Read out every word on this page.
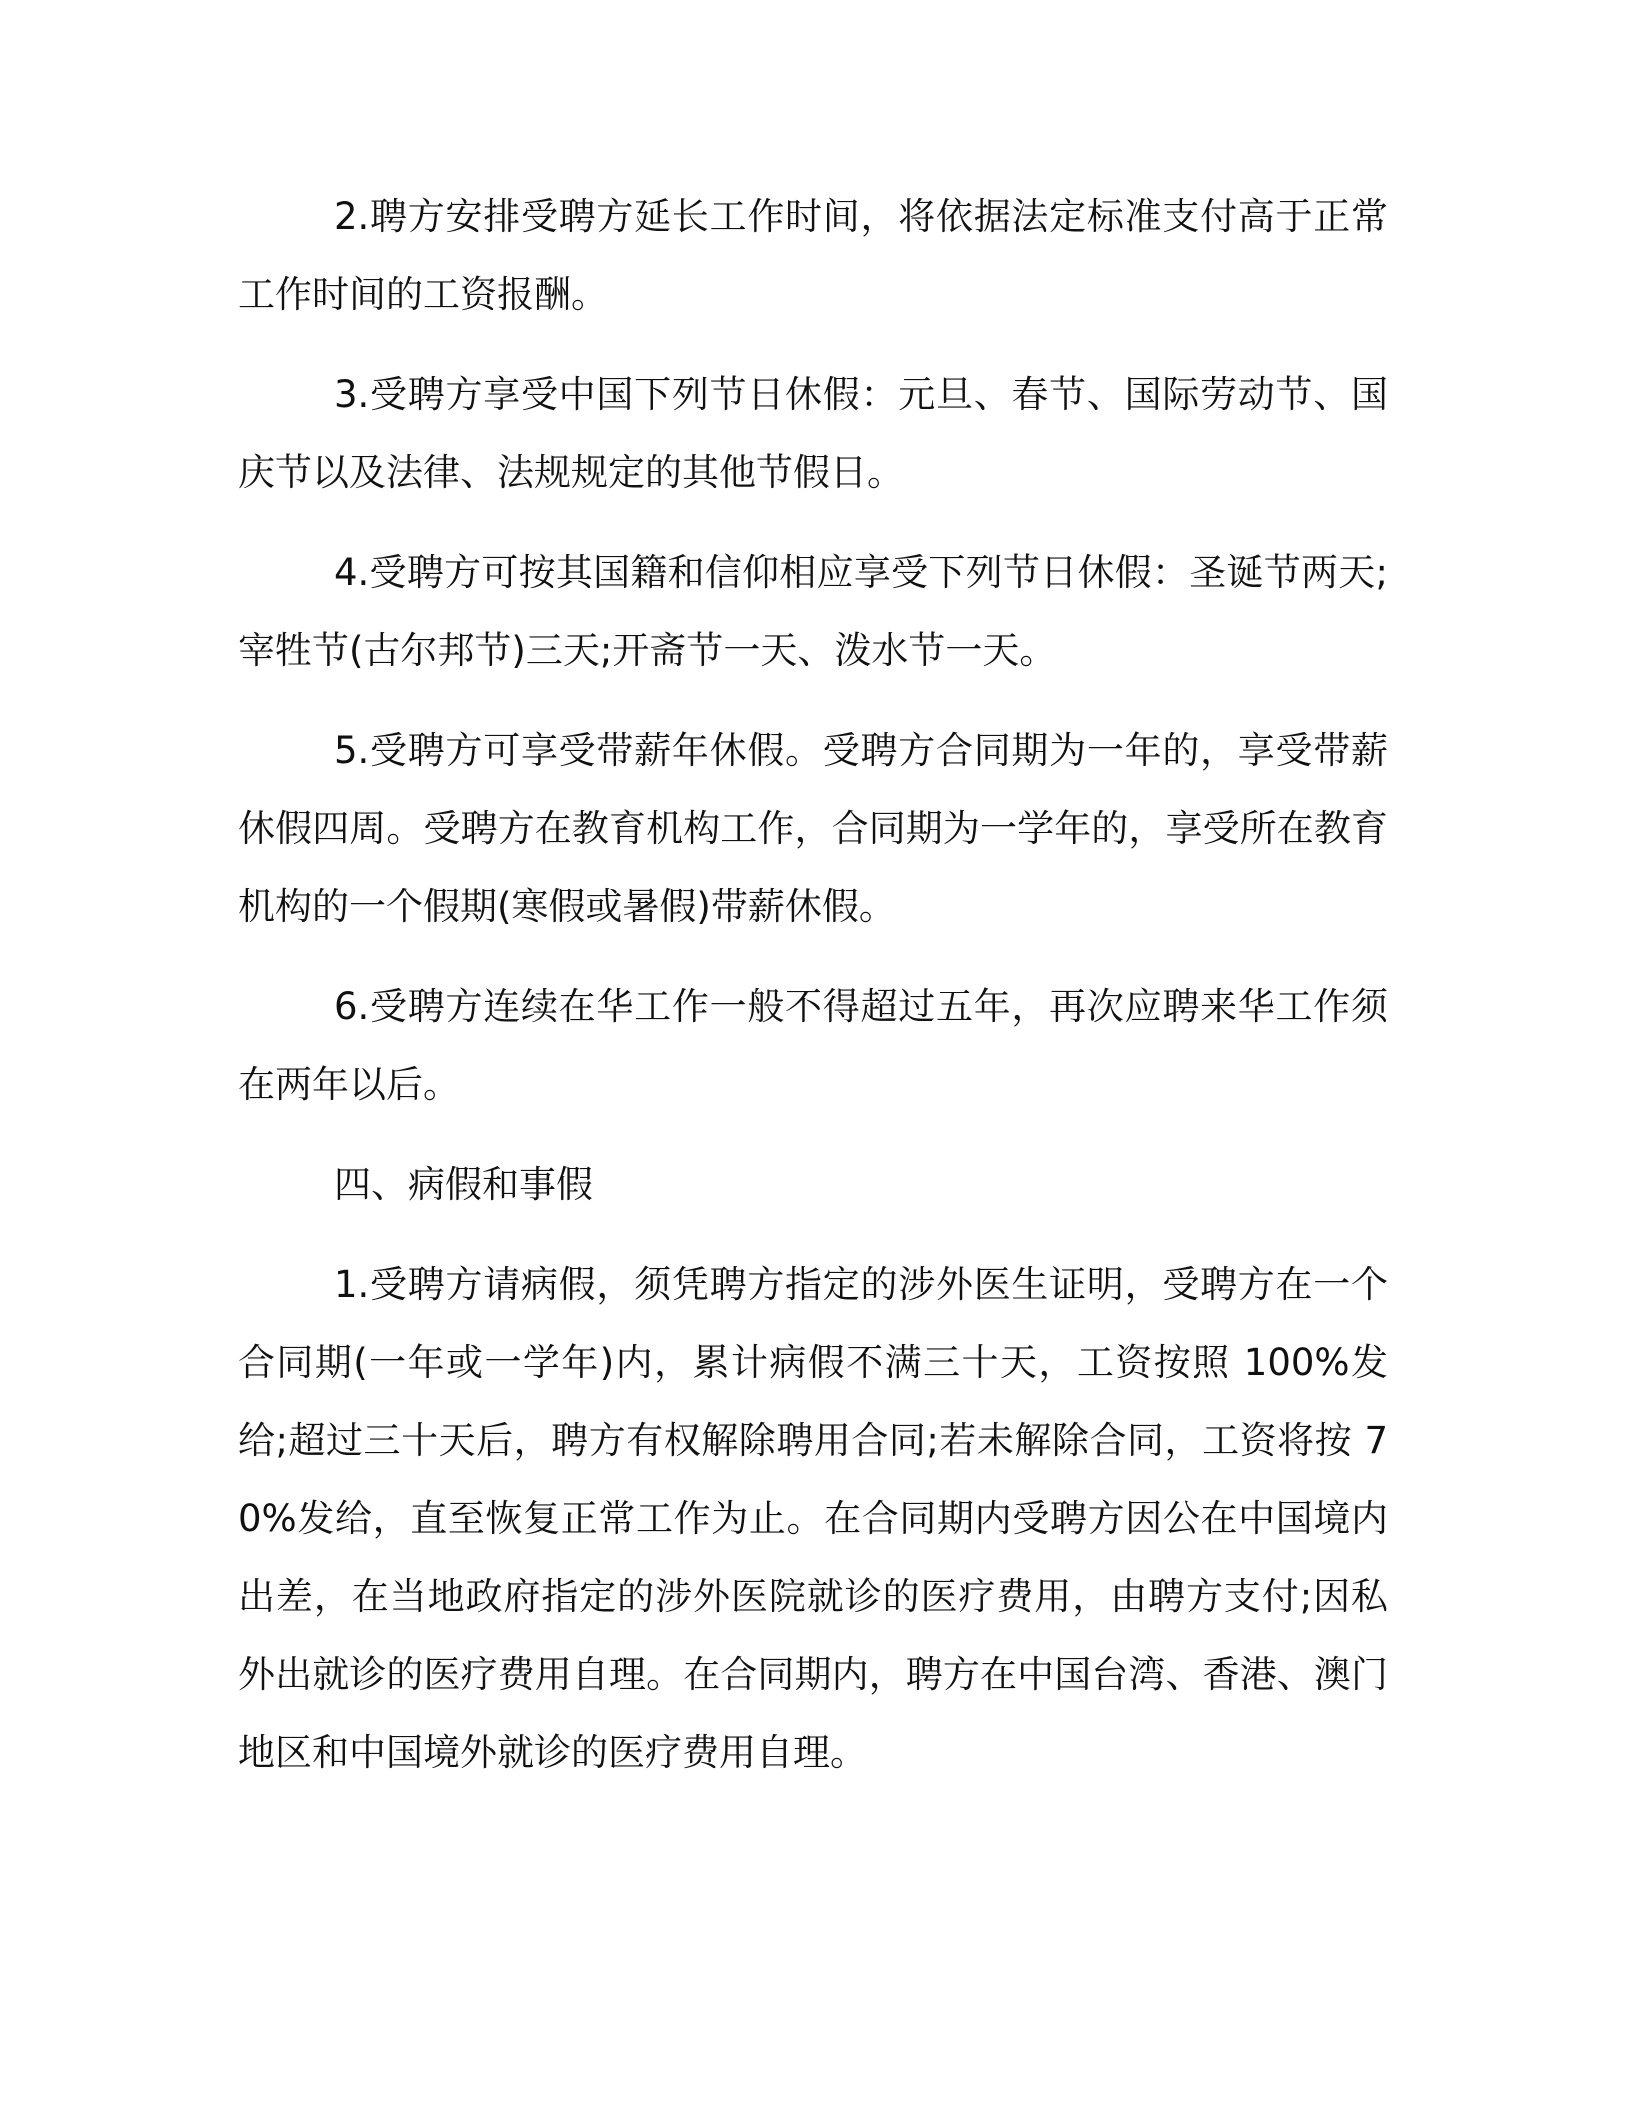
2.聘方安排受聘方延长工作时间，将依据法定标准支付高于正常工作时间的工资报酬。

3.受聘方享受中国下列节日休假：元旦、春节、国际劳动节、国庆节以及法律、法规规定的其他节假日。

4.受聘方可按其国籍和信仰相应享受下列节日休假：圣诞节两天;宰牲节(古尔邦节)三天;开斋节一天、泼水节一天。

5.受聘方可享受带薪年休假。受聘方合同期为一年的，享受带薪休假四周。受聘方在教育机构工作，合同期为一学年的，享受所在教育机构的一个假期(寒假或暑假)带薪休假。

6.受聘方连续在华工作一般不得超过五年，再次应聘来华工作须在两年以后。

四、病假和事假

1.受聘方请病假，须凭聘方指定的涉外医生证明，受聘方在一个合同期(一年或一学年)内，累计病假不满三十天，工资按照 100%发给;超过三十天后，聘方有权解除聘用合同;若未解除合同，工资将按 70%发给，直至恢复正常工作为止。在合同期内受聘方因公在中国境内出差，在当地政府指定的涉外医院就诊的医疗费用，由聘方支付;因私外出就诊的医疗费用自理。在合同期内，聘方在中国台湾、香港、澳门地区和中国境外就诊的医疗费用自理。
